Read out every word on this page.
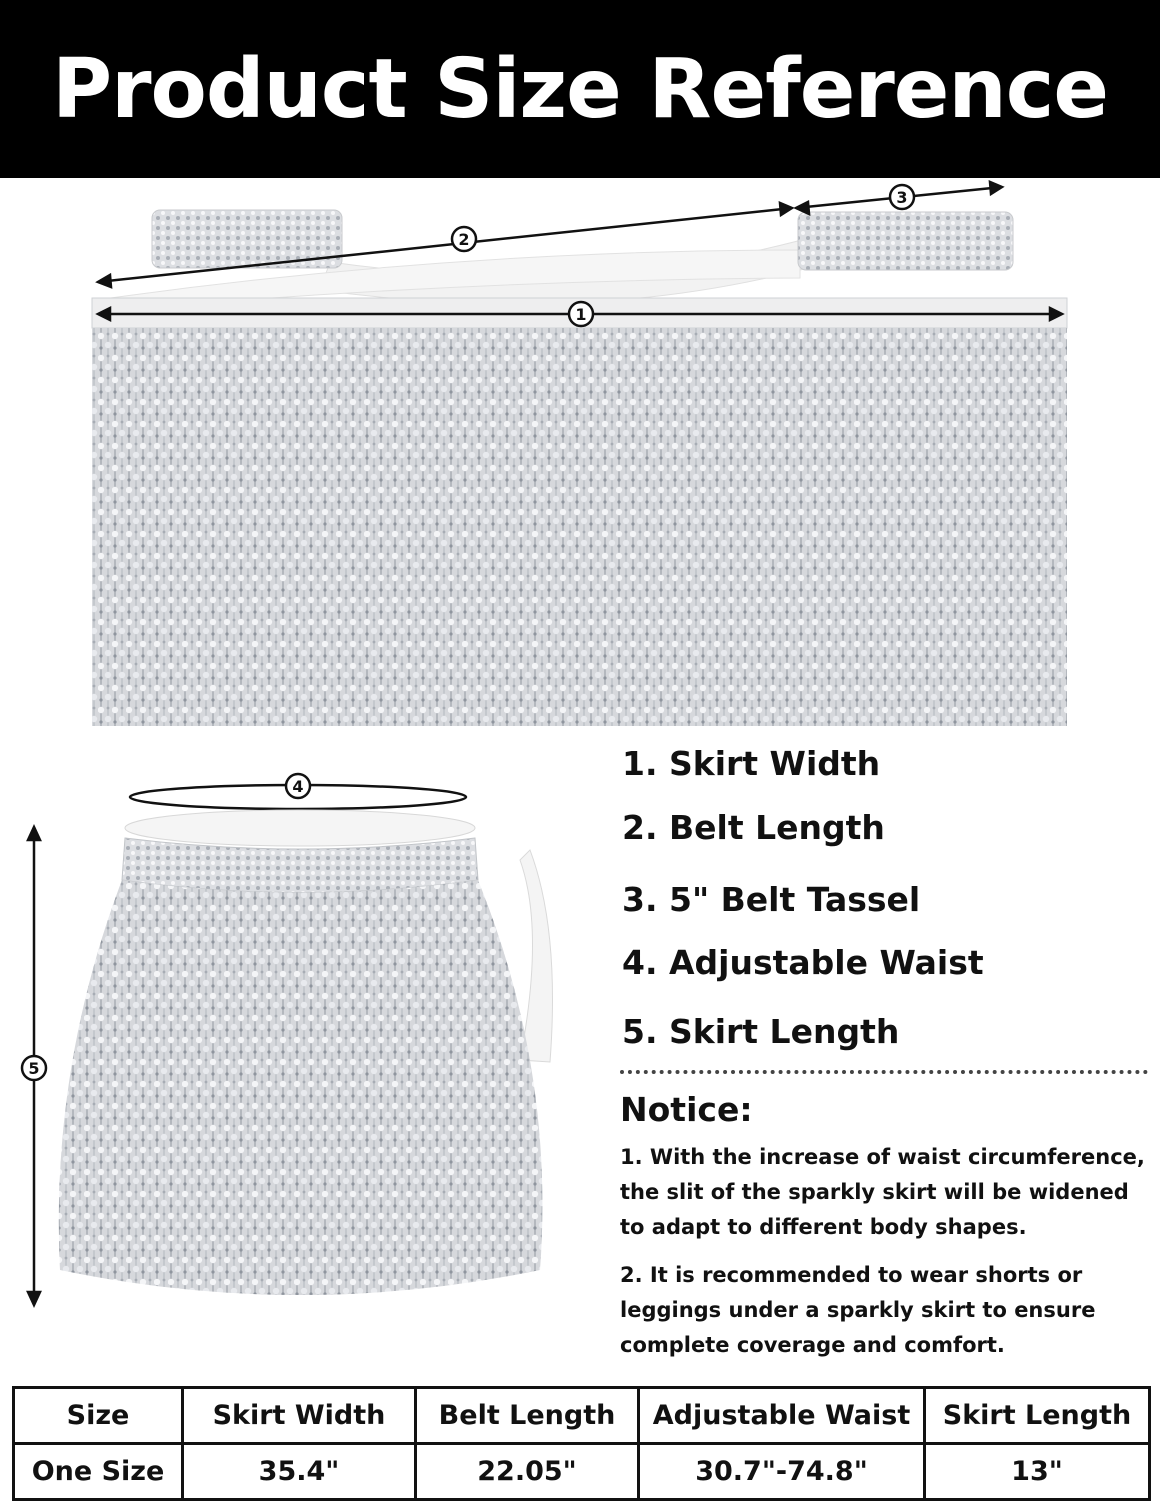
Product Size Reference
1
2
3
4
5
1. Skirt Width
2. Belt Length
3. 5" Belt Tassel
4. Adjustable Waist
5. Skirt Length
Notice:
1. With the increase of waist circumference, the slit of the sparkly skirt will be widened to adapt to different body shapes.
2. It is recommended to wear shorts or leggings under a sparkly skirt to ensure complete coverage and comfort.
Size	Skirt Width	Belt Length	Adjustable Waist	Skirt Length
One Size	35.4"	22.05"	30.7"-74.8"	13"
